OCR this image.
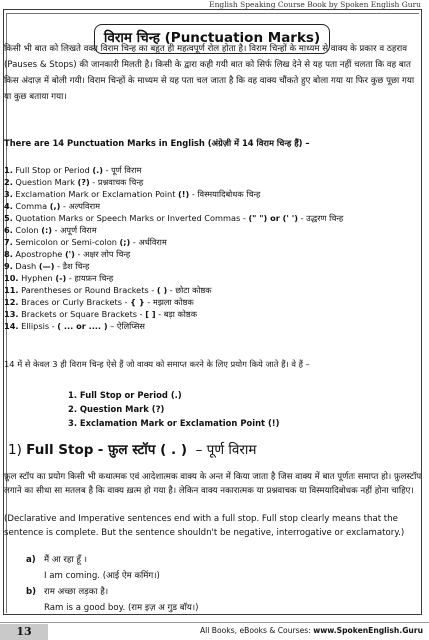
English Speaking Course Book by Spoken English Guru
विराम चिन्ह (Punctuation Marks)
किसी भी बात को लिखते वक्त विराम चिन्ह का बहुत ही महत्वपूर्ण रोल होता है। विराम चिन्हों के माध्यम से वाक्य के प्रकार व ठहराव (Pauses & Stops) की जानकारी मिलती है। किसी के द्वारा कही गयी बात को सिर्फ लिख देने से यह पता नहीं चलता कि वह बात किस अंदाज़ में बोली गयी। विराम चिन्हों के माध्यम से यह पता चल जाता है कि वह वाक्य चौंकते हुए बोला गया या फिर कुछ पूछा गया या कुछ बताया गया।
There are 14 Punctuation Marks in English (अंग्रेज़ी में 14 विराम चिन्ह हैं) –
1. Full Stop or Period (.) - पूर्ण विराम
2. Question Mark (?) - प्रश्नवाचक चिन्ह
3. Exclamation Mark or Exclamation Point (!) - विस्मयादिबोधक चिन्ह
4. Comma (,) - अल्पविराम
5. Quotation Marks or Speech Marks or Inverted Commas - (" ") or (' ') - उद्धरण चिन्ह
6. Colon (:) - अपूर्ण विराम
7. Semicolon or Semi-colon (;) - अर्धविराम
8. Apostrophe (') - अक्षर लोप चिन्ह
9. Dash (—) - डैश चिन्ह
10. Hyphen (-) - हायफ़न चिन्ह
11. Parentheses or Round Brackets - ( ) - छोटा कोष्ठक
12. Braces or Curly Brackets - { } - मझला कोष्ठक
13. Brackets or Square Brackets - [ ] - बड़ा कोष्ठक
14. Ellipsis - ( ... or .... ) – ऐलिप्सिस
14 में से केवल 3 ही विराम चिन्ह ऐसे हैं जो वाक्य को समाप्त करने के लिए प्रयोग किये जाते हैं। वे हैं –
1. Full Stop or Period (.)
2. Question Mark (?)
3. Exclamation Mark or Exclamation Point (!)
1) Full Stop - फ़ुल स्टॉप ( . ) – पूर्ण विराम
फ़ुल स्टॉप का प्रयोग किसी भी कथात्मक एवं आदेशात्मक वाक्य के अन्त में किया जाता है जिस वाक्य में बात पूर्णतः समाप्त हो। फ़ुलस्टॉप लगाने का सीधा सा मतलब है कि वाक्य ख़त्म हो गया है। लेकिन वाक्य नकारात्मक या प्रश्नवाचक या विस्मयादिबोधक नहीं होना चाहिए।
(Declarative and Imperative sentences end with a full stop. Full stop clearly means that the sentence is complete. But the sentence shouldn't be negative, interrogative or exclamatory.)
a) मैं आ रहा हूँ ।
I am coming. (आई ऐम कमिंग।)
b) राम अच्छा लड़का है।
Ram is a good boy. (राम इज़ अ गुड बॉय।)
13	All Books, eBooks & Courses: www.SpokenEnglish.Guru
